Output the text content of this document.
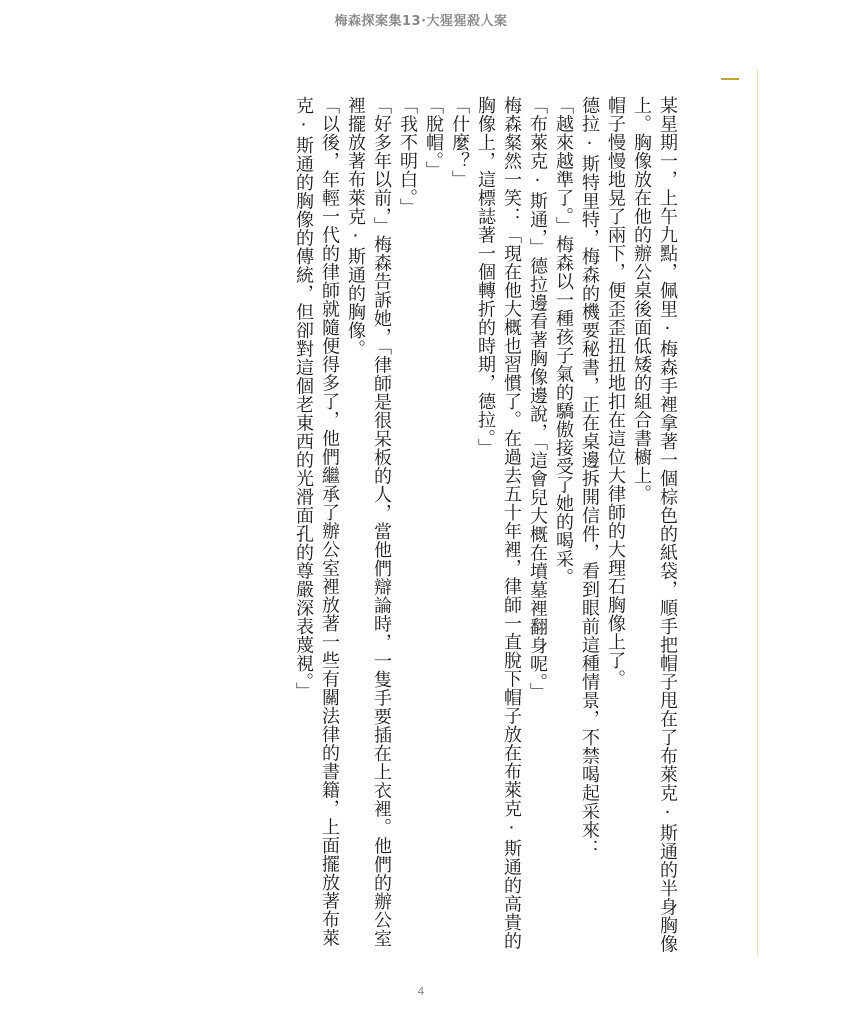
梅森探案集13·大猩猩殺人案

某星期一，上午九點，佩里·梅森手裡拿著一個棕色的紙袋，順手把帽子甩在了布萊克·斯通的半身胸像上。胸像放在他的辦公桌後面低矮的組合書櫥上。

帽子慢慢地晃了兩下，便歪歪扭扭地扣在這位大律師的大理石胸像上了。

德拉·斯特里特，梅森的機要秘書，正在桌邊拆開信件，看到眼前這種情景，不禁喝起采來：

「越來越準了。」梅森以一種孩子氣的驕傲接受了她的喝采。

「布萊克·斯通，」德拉邊看著胸像邊說，「這會兒大概在墳墓裡翻身呢。」

梅森粲然一笑：「現在他大概也習慣了。在過去五十年裡，律師一直脫下帽子放在布萊克·斯通的高貴的胸像上，這標誌著一個轉折的時期，德拉。」

「什麼？」

「脫帽。」

「我不明白。」

「好多年以前，」梅森告訴她，「律師是很呆板的人，當他們辯論時，一隻手要插在上衣裡。他們的辦公室裡擺放著布萊克·斯通的胸像。

「以後，年輕一代的律師就隨便得多了，他們繼承了辦公室裡放著一些有關法律的書籍，上面擺放著布萊克·斯通的胸像的傳統，但卻對這個老東西的光滑面孔的尊嚴深表蔑視。」

4
